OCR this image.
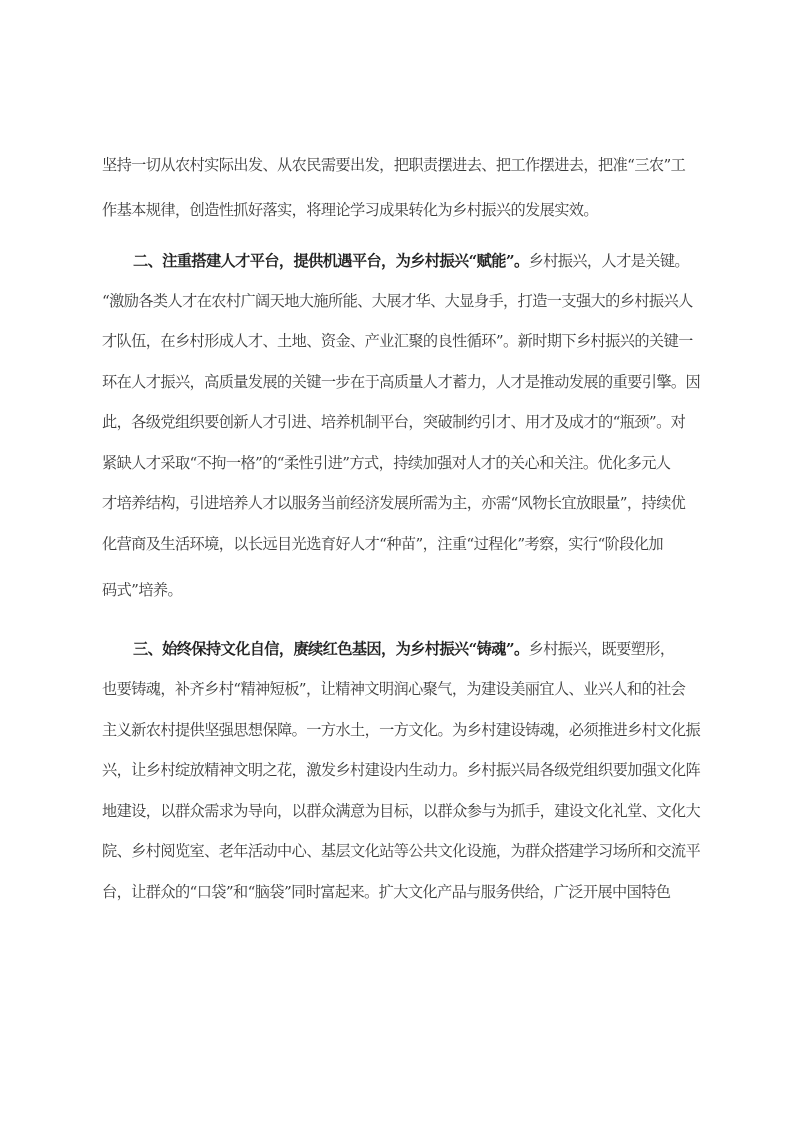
坚持一切从农村实际出发、从农民需要出发，把职责摆进去、把工作摆进去，把准“三农”工
作基本规律，创造性抓好落实，将理论学习成果转化为乡村振兴的发展实效。
二、注重搭建人才平台，提供机遇平台，为乡村振兴“赋能”。乡村振兴，人才是关键。
“激励各类人才在农村广阔天地大施所能、大展才华、大显身手，打造一支强大的乡村振兴人
才队伍，在乡村形成人才、土地、资金、产业汇聚的良性循环”。新时期下乡村振兴的关键一
环在人才振兴，高质量发展的关键一步在于高质量人才蓄力，人才是推动发展的重要引擎。因
此，各级党组织要创新人才引进、培养机制平台，突破制约引才、用才及成才的“瓶颈”。对
紧缺人才采取“不拘一格”的“柔性引进”方式，持续加强对人才的关心和关注。优化多元人
才培养结构，引进培养人才以服务当前经济发展所需为主，亦需“风物长宜放眼量”，持续优
化营商及生活环境，以长远目光选育好人才“种苗”，注重“过程化”考察，实行“阶段化加
码式”培养。
三、始终保持文化自信，赓续红色基因，为乡村振兴“铸魂”。乡村振兴，既要塑形，
也要铸魂，补齐乡村“精神短板”，让精神文明润心聚气，为建设美丽宜人、业兴人和的社会
主义新农村提供坚强思想保障。一方水土，一方文化。为乡村建设铸魂，必须推进乡村文化振
兴，让乡村绽放精神文明之花，激发乡村建设内生动力。乡村振兴局各级党组织要加强文化阵
地建设，以群众需求为导向，以群众满意为目标，以群众参与为抓手，建设文化礼堂、文化大
院、乡村阅览室、老年活动中心、基层文化站等公共文化设施，为群众搭建学习场所和交流平
台，让群众的“口袋”和“脑袋”同时富起来。扩大文化产品与服务供给，广泛开展中国特色
